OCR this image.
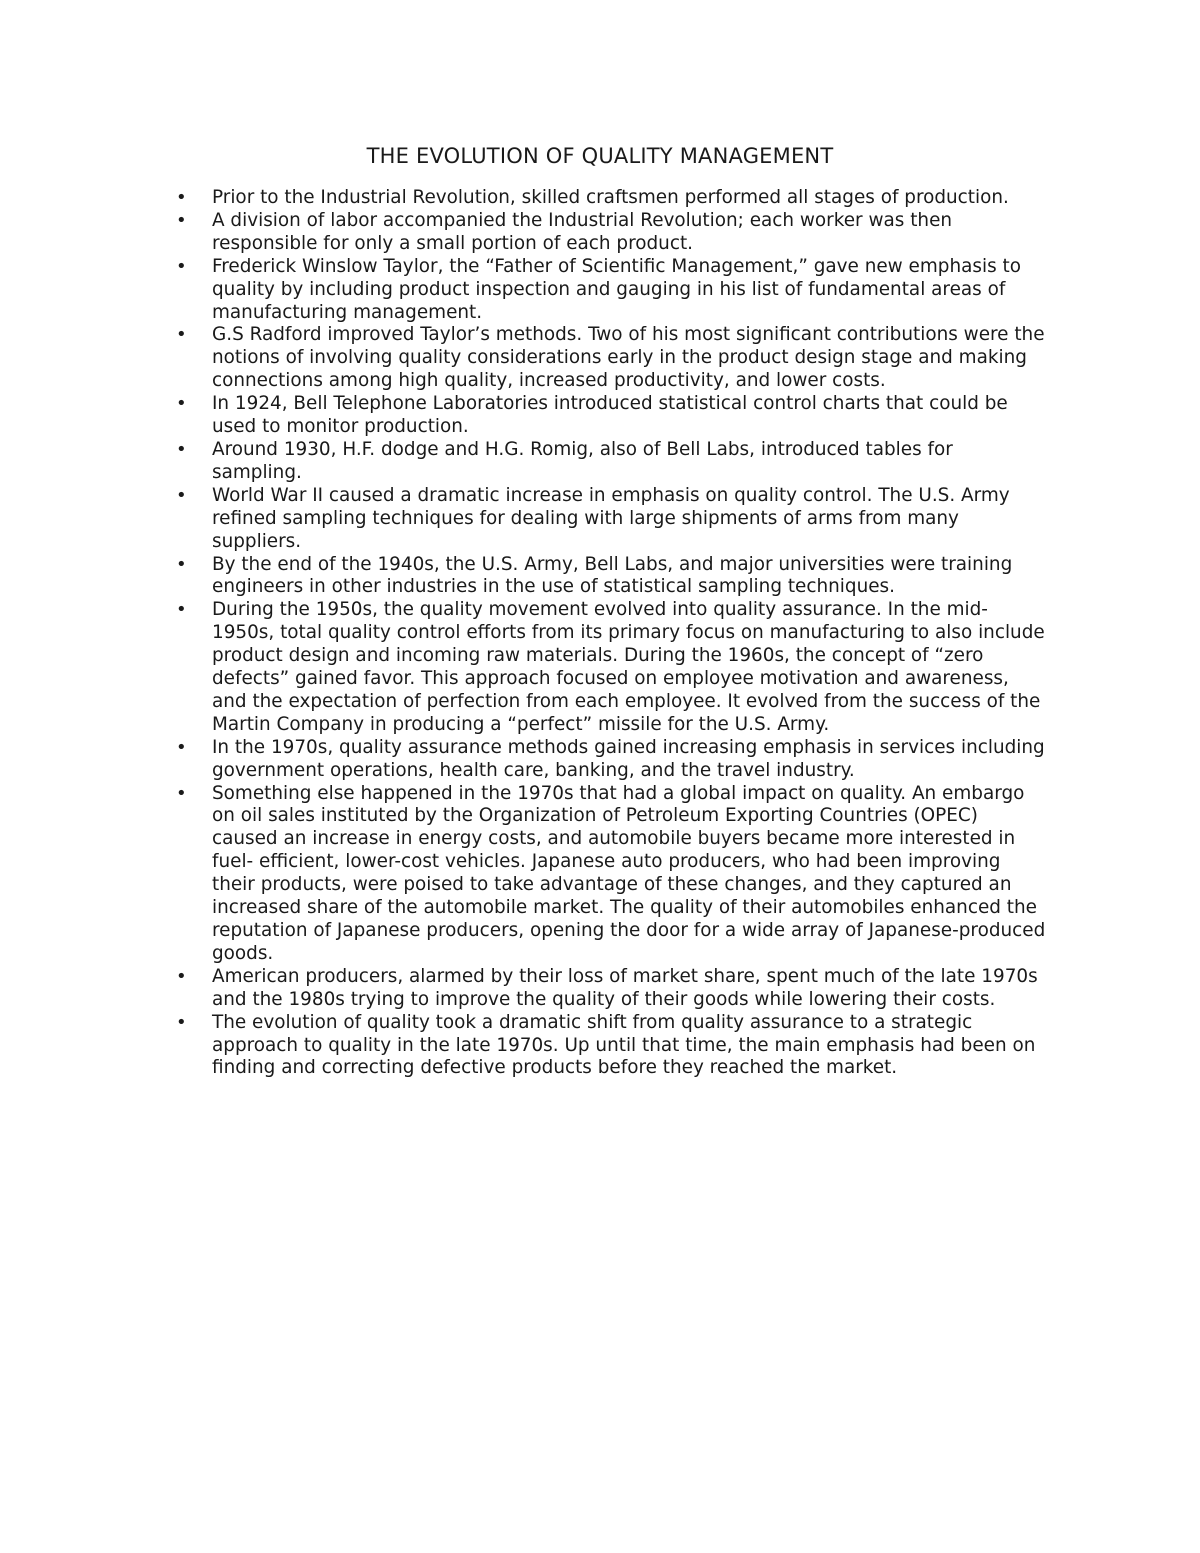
THE EVOLUTION OF QUALITY MANAGEMENT
• Prior to the Industrial Revolution, skilled craftsmen performed all stages of production.
• A division of labor accompanied the Industrial Revolution; each worker was then responsible for only a small portion of each product.
• Frederick Winslow Taylor, the “Father of Scientific Management,” gave new emphasis to quality by including product inspection and gauging in his list of fundamental areas of manufacturing management.
• G.S Radford improved Taylor’s methods. Two of his most significant contributions were the notions of involving quality considerations early in the product design stage and making connections among high quality, increased productivity, and lower costs.
• In 1924, Bell Telephone Laboratories introduced statistical control charts that could be used to monitor production.
• Around 1930, H.F. dodge and H.G. Romig, also of Bell Labs, introduced tables for sampling.
• World War II caused a dramatic increase in emphasis on quality control. The U.S. Army refined sampling techniques for dealing with large shipments of arms from many suppliers.
• By the end of the 1940s, the U.S. Army, Bell Labs, and major universities were training engineers in other industries in the use of statistical sampling techniques.
• During the 1950s, the quality movement evolved into quality assurance. In the mid-1950s, total quality control efforts from its primary focus on manufacturing to also include product design and incoming raw materials. During the 1960s, the concept of “zero defects” gained favor. This approach focused on employee motivation and awareness, and the expectation of perfection from each employee. It evolved from the success of the Martin Company in producing a “perfect” missile for the U.S. Army.
• In the 1970s, quality assurance methods gained increasing emphasis in services including government operations, health care, banking, and the travel industry.
• Something else happened in the 1970s that had a global impact on quality. An embargo on oil sales instituted by the Organization of Petroleum Exporting Countries (OPEC) caused an increase in energy costs, and automobile buyers became more interested in fuel- efficient, lower-cost vehicles. Japanese auto producers, who had been improving their products, were poised to take advantage of these changes, and they captured an increased share of the automobile market. The quality of their automobiles enhanced the reputation of Japanese producers, opening the door for a wide array of Japanese-produced goods.
• American producers, alarmed by their loss of market share, spent much of the late 1970s and the 1980s trying to improve the quality of their goods while lowering their costs.
• The evolution of quality took a dramatic shift from quality assurance to a strategic approach to quality in the late 1970s. Up until that time, the main emphasis had been on finding and correcting defective products before they reached the market.
